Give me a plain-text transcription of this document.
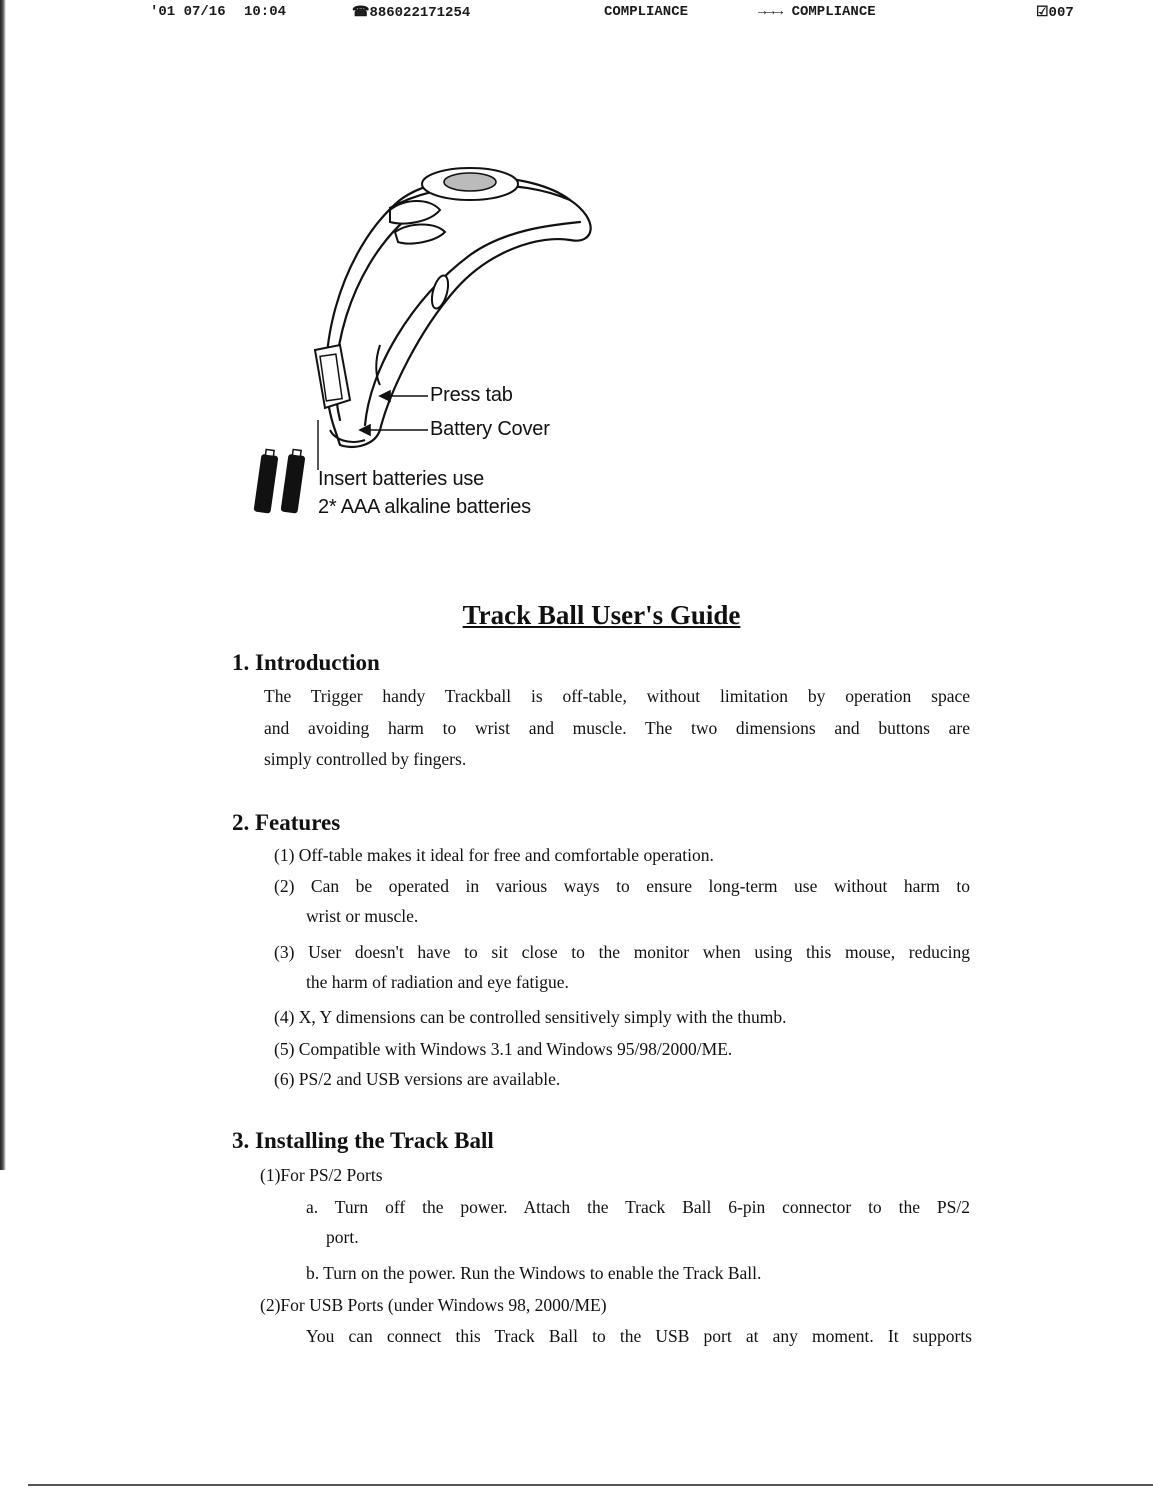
'01 07/16 10:04	☎886022171254	COMPLIANCE	→→→ COMPLIANCE	☑007
Press tab
Battery Cover
Insert batteries use
2* AAA alkaline batteries
Track Ball User's Guide
1. Introduction
The Trigger handy Trackball is off-table, without limitation by operation space
and avoiding harm to wrist and muscle. The two dimensions and buttons are
simply controlled by fingers.
2. Features
(1) Off-table makes it ideal for free and comfortable operation.
(2) Can be operated in various ways to ensure long-term use without harm to
wrist or muscle.
(3) User doesn't have to sit close to the monitor when using this mouse, reducing
the harm of radiation and eye fatigue.
(4) X, Y dimensions can be controlled sensitively simply with the thumb.
(5) Compatible with Windows 3.1 and Windows 95/98/2000/ME.
(6) PS/2 and USB versions are available.
3. Installing the Track Ball
(1)For PS/2 Ports
a. Turn off the power. Attach the Track Ball 6-pin connector to the PS/2
port.
b. Turn on the power. Run the Windows to enable the Track Ball.
(2)For USB Ports (under Windows 98, 2000/ME)
You can connect this Track Ball to the USB port at any moment. It supports
